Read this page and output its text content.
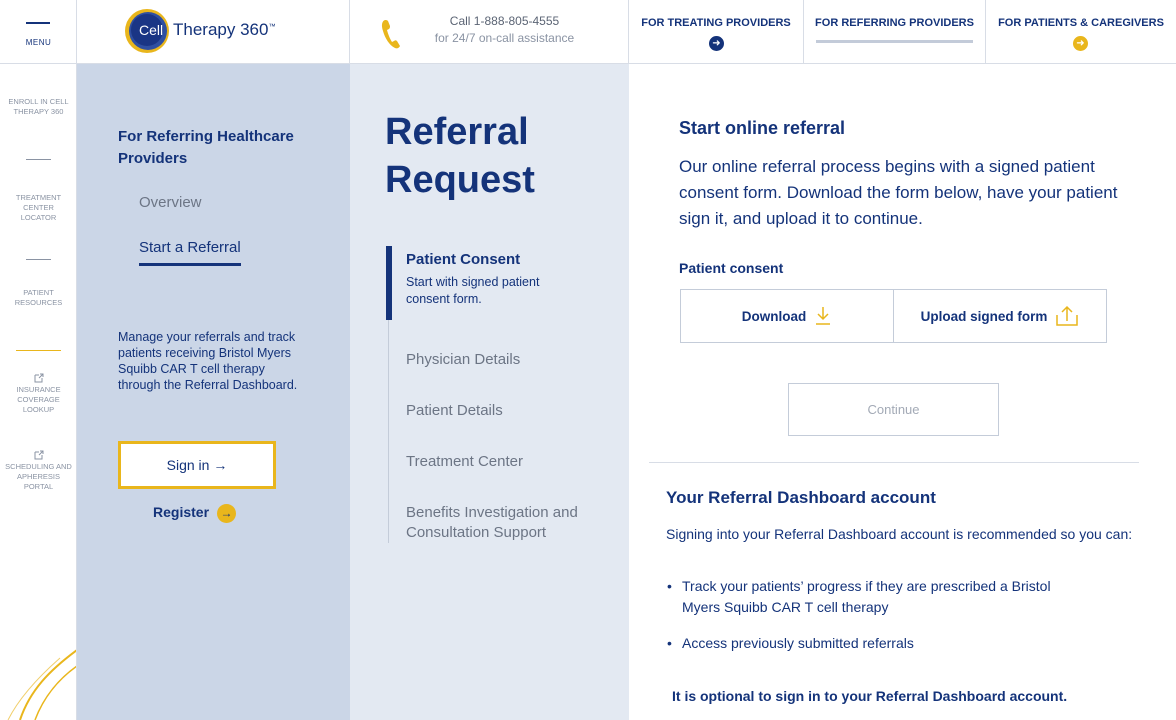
MENU
Cell Therapy 360™	Call 1-888-805-4555
for 24/7 on-call assistance
FOR TREATING PROVIDERS
➜
FOR REFERRING PROVIDERS	FOR PATIENTS & CAREGIVERS
➜
ENROLL IN CELL THERAPY 360
TREATMENT CENTER LOCATOR
PATIENT RESOURCES
INSURANCE COVERAGE LOOKUP
SCHEDULING AND APHERESIS PORTAL
For Referring Healthcare Providers
Overview
Start a Referral
Manage your referrals and track patients receiving Bristol Myers Squibb CAR T cell therapy through the Referral Dashboard.
Sign in →
Register →
Referral Request
Patient Consent
Start with signed patient consent form.
Physician Details
Patient Details
Treatment Center
Benefits Investigation and Consultation Support
Start online referral
Our online referral process begins with a signed patient consent form. Download the form below, have your patient sign it, and upload it to continue.
Patient consent
Download	Upload signed form
Continue
Your Referral Dashboard account
Signing into your Referral Dashboard account is recommended so you can:
• Track your patients’ progress if they are prescribed a Bristol Myers Squibb CAR T cell therapy
• Access previously submitted referrals
It is optional to sign in to your Referral Dashboard account.
